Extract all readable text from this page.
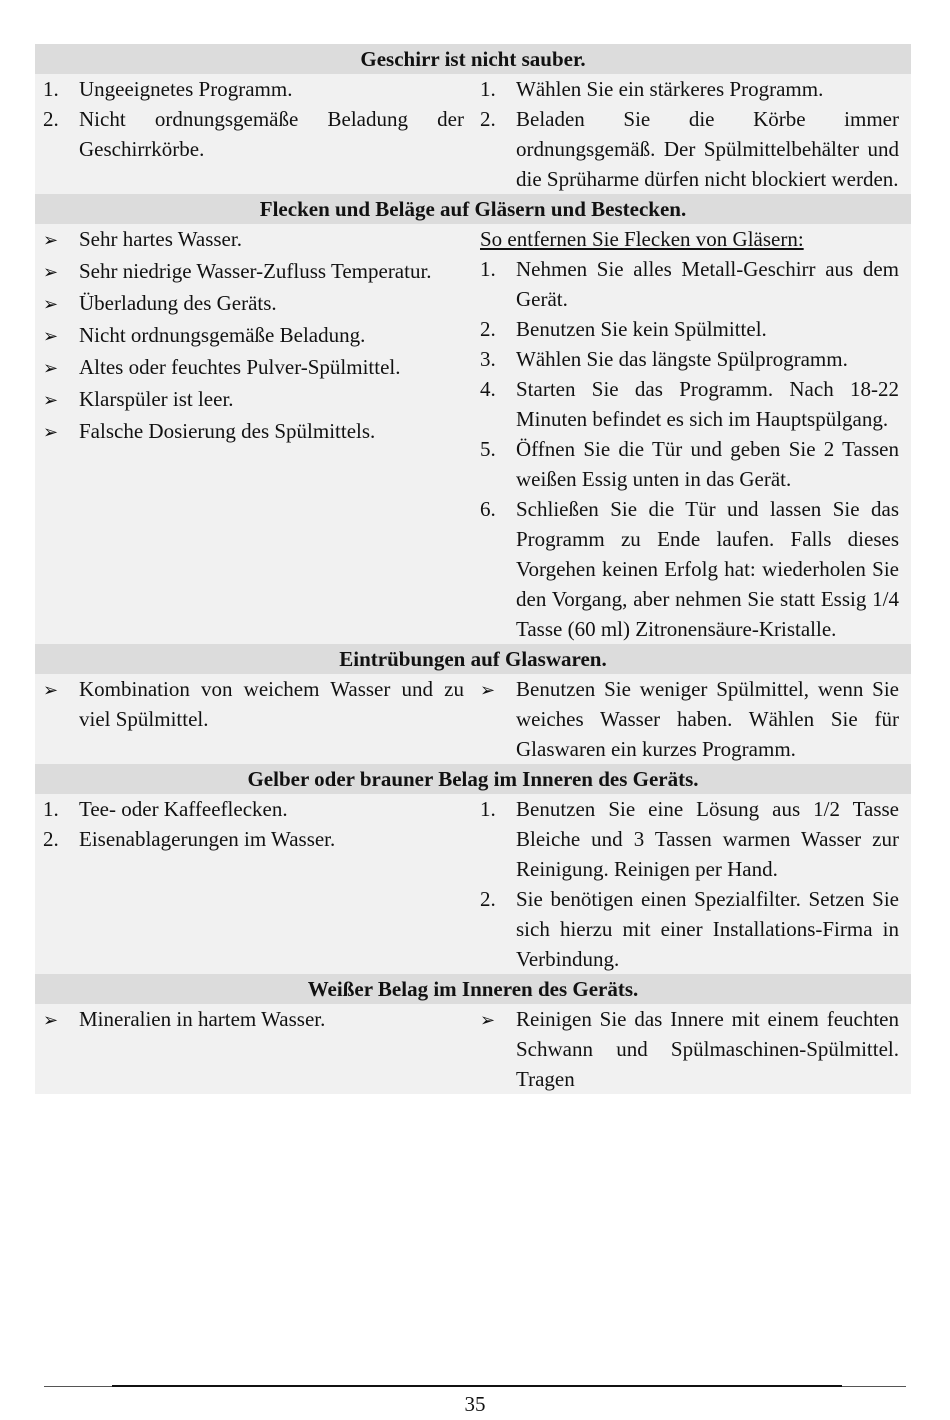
Geschirr ist nicht sauber.
1. Ungeeignetes Programm.
2. Nicht ordnungsgemäße Beladung der Geschirrkörbe.
1. Wählen Sie ein stärkeres Programm.
2. Beladen Sie die Körbe immer ordnungsgemäß. Der Spülmittelbehälter und die Sprüharme dürfen nicht blockiert werden.
Flecken und Beläge auf Gläsern und Bestecken.
➢ Sehr hartes Wasser.
➢ Sehr niedrige Wasser-Zufluss Temperatur.
➢ Überladung des Geräts.
➢ Nicht ordnungsgemäße Beladung.
➢ Altes oder feuchtes Pulver-Spülmittel.
➢ Klarspüler ist leer.
➢ Falsche Dosierung des Spülmittels.
So entfernen Sie Flecken von Gläsern:
1. Nehmen Sie alles Metall-Geschirr aus dem Gerät.
2. Benutzen Sie kein Spülmittel.
3. Wählen Sie das längste Spülprogramm.
4. Starten Sie das Programm. Nach 18-22 Minuten befindet es sich im Hauptspülgang.
5. Öffnen Sie die Tür und geben Sie 2 Tassen weißen Essig unten in das Gerät.
6. Schließen Sie die Tür und lassen Sie das Programm zu Ende laufen. Falls dieses Vorgehen keinen Erfolg hat: wiederholen Sie den Vorgang, aber nehmen Sie statt Essig 1/4 Tasse (60 ml) Zitronensäure-Kristalle.
Eintrübungen auf Glaswaren.
➢ Kombination von weichem Wasser und zu viel Spülmittel.
➢ Benutzen Sie weniger Spülmittel, wenn Sie weiches Wasser haben. Wählen Sie für Glaswaren ein kurzes Programm.
Gelber oder brauner Belag im Inneren des Geräts.
1. Tee- oder Kaffeeflecken.
2. Eisenablagerungen im Wasser.
1. Benutzen Sie eine Lösung aus 1/2 Tasse Bleiche und 3 Tassen warmen Wasser zur Reinigung. Reinigen per Hand.
2. Sie benötigen einen Spezialfilter. Setzen Sie sich hierzu mit einer Installations-Firma in Verbindung.
Weißer Belag im Inneren des Geräts.
➢ Mineralien in hartem Wasser.	➢ Reinigen Sie das Innere mit einem feuchten Schwann und Spülmaschinen-Spülmittel. Tragen
35
